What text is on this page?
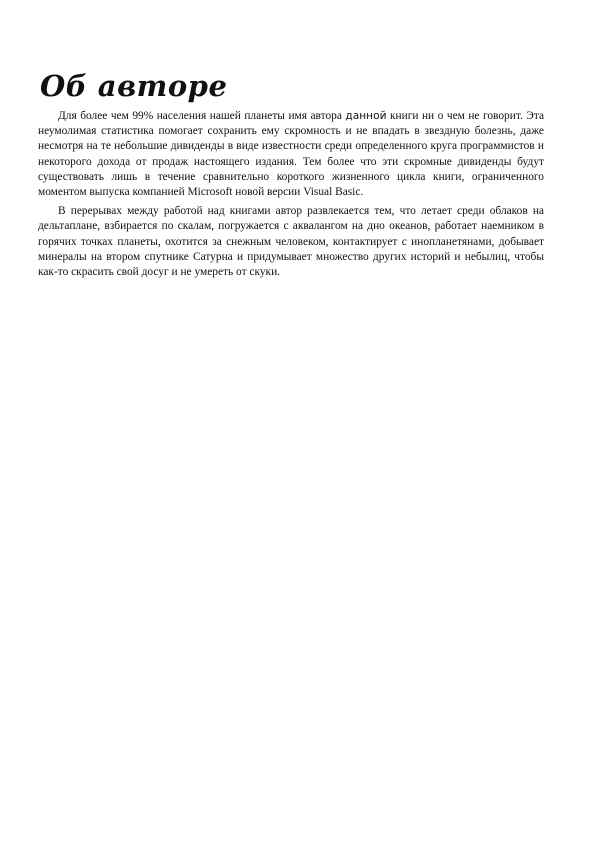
Об авторе

Для более чем 99% населения нашей планеты имя автора данной книги ни о чем не говорит. Эта неумолимая статистика помогает сохранить ему скромность и не впадать в звездную болезнь, даже несмотря на те небольшие дивиденды в виде известности среди определенного круга программистов и некоторого дохода от продаж настоящего издания. Тем более что эти скромные дивиденды будут существовать лишь в течение сравнительно короткого жизненного цикла книги, ограниченного моментом выпуска компанией Microsoft новой версии Visual Basic.

В перерывах между работой над книгами автор развлекается тем, что летает среди облаков на дельтаплане, взбирается по скалам, погружается с аквалангом на дно океанов, работает наемником в горячих точках планеты, охотится за снежным человеком, контактирует с инопланетянами, добывает минералы на втором спутнике Сатурна и придумывает множество других историй и небылиц, чтобы как-то скрасить свой досуг и не умереть от скуки.
